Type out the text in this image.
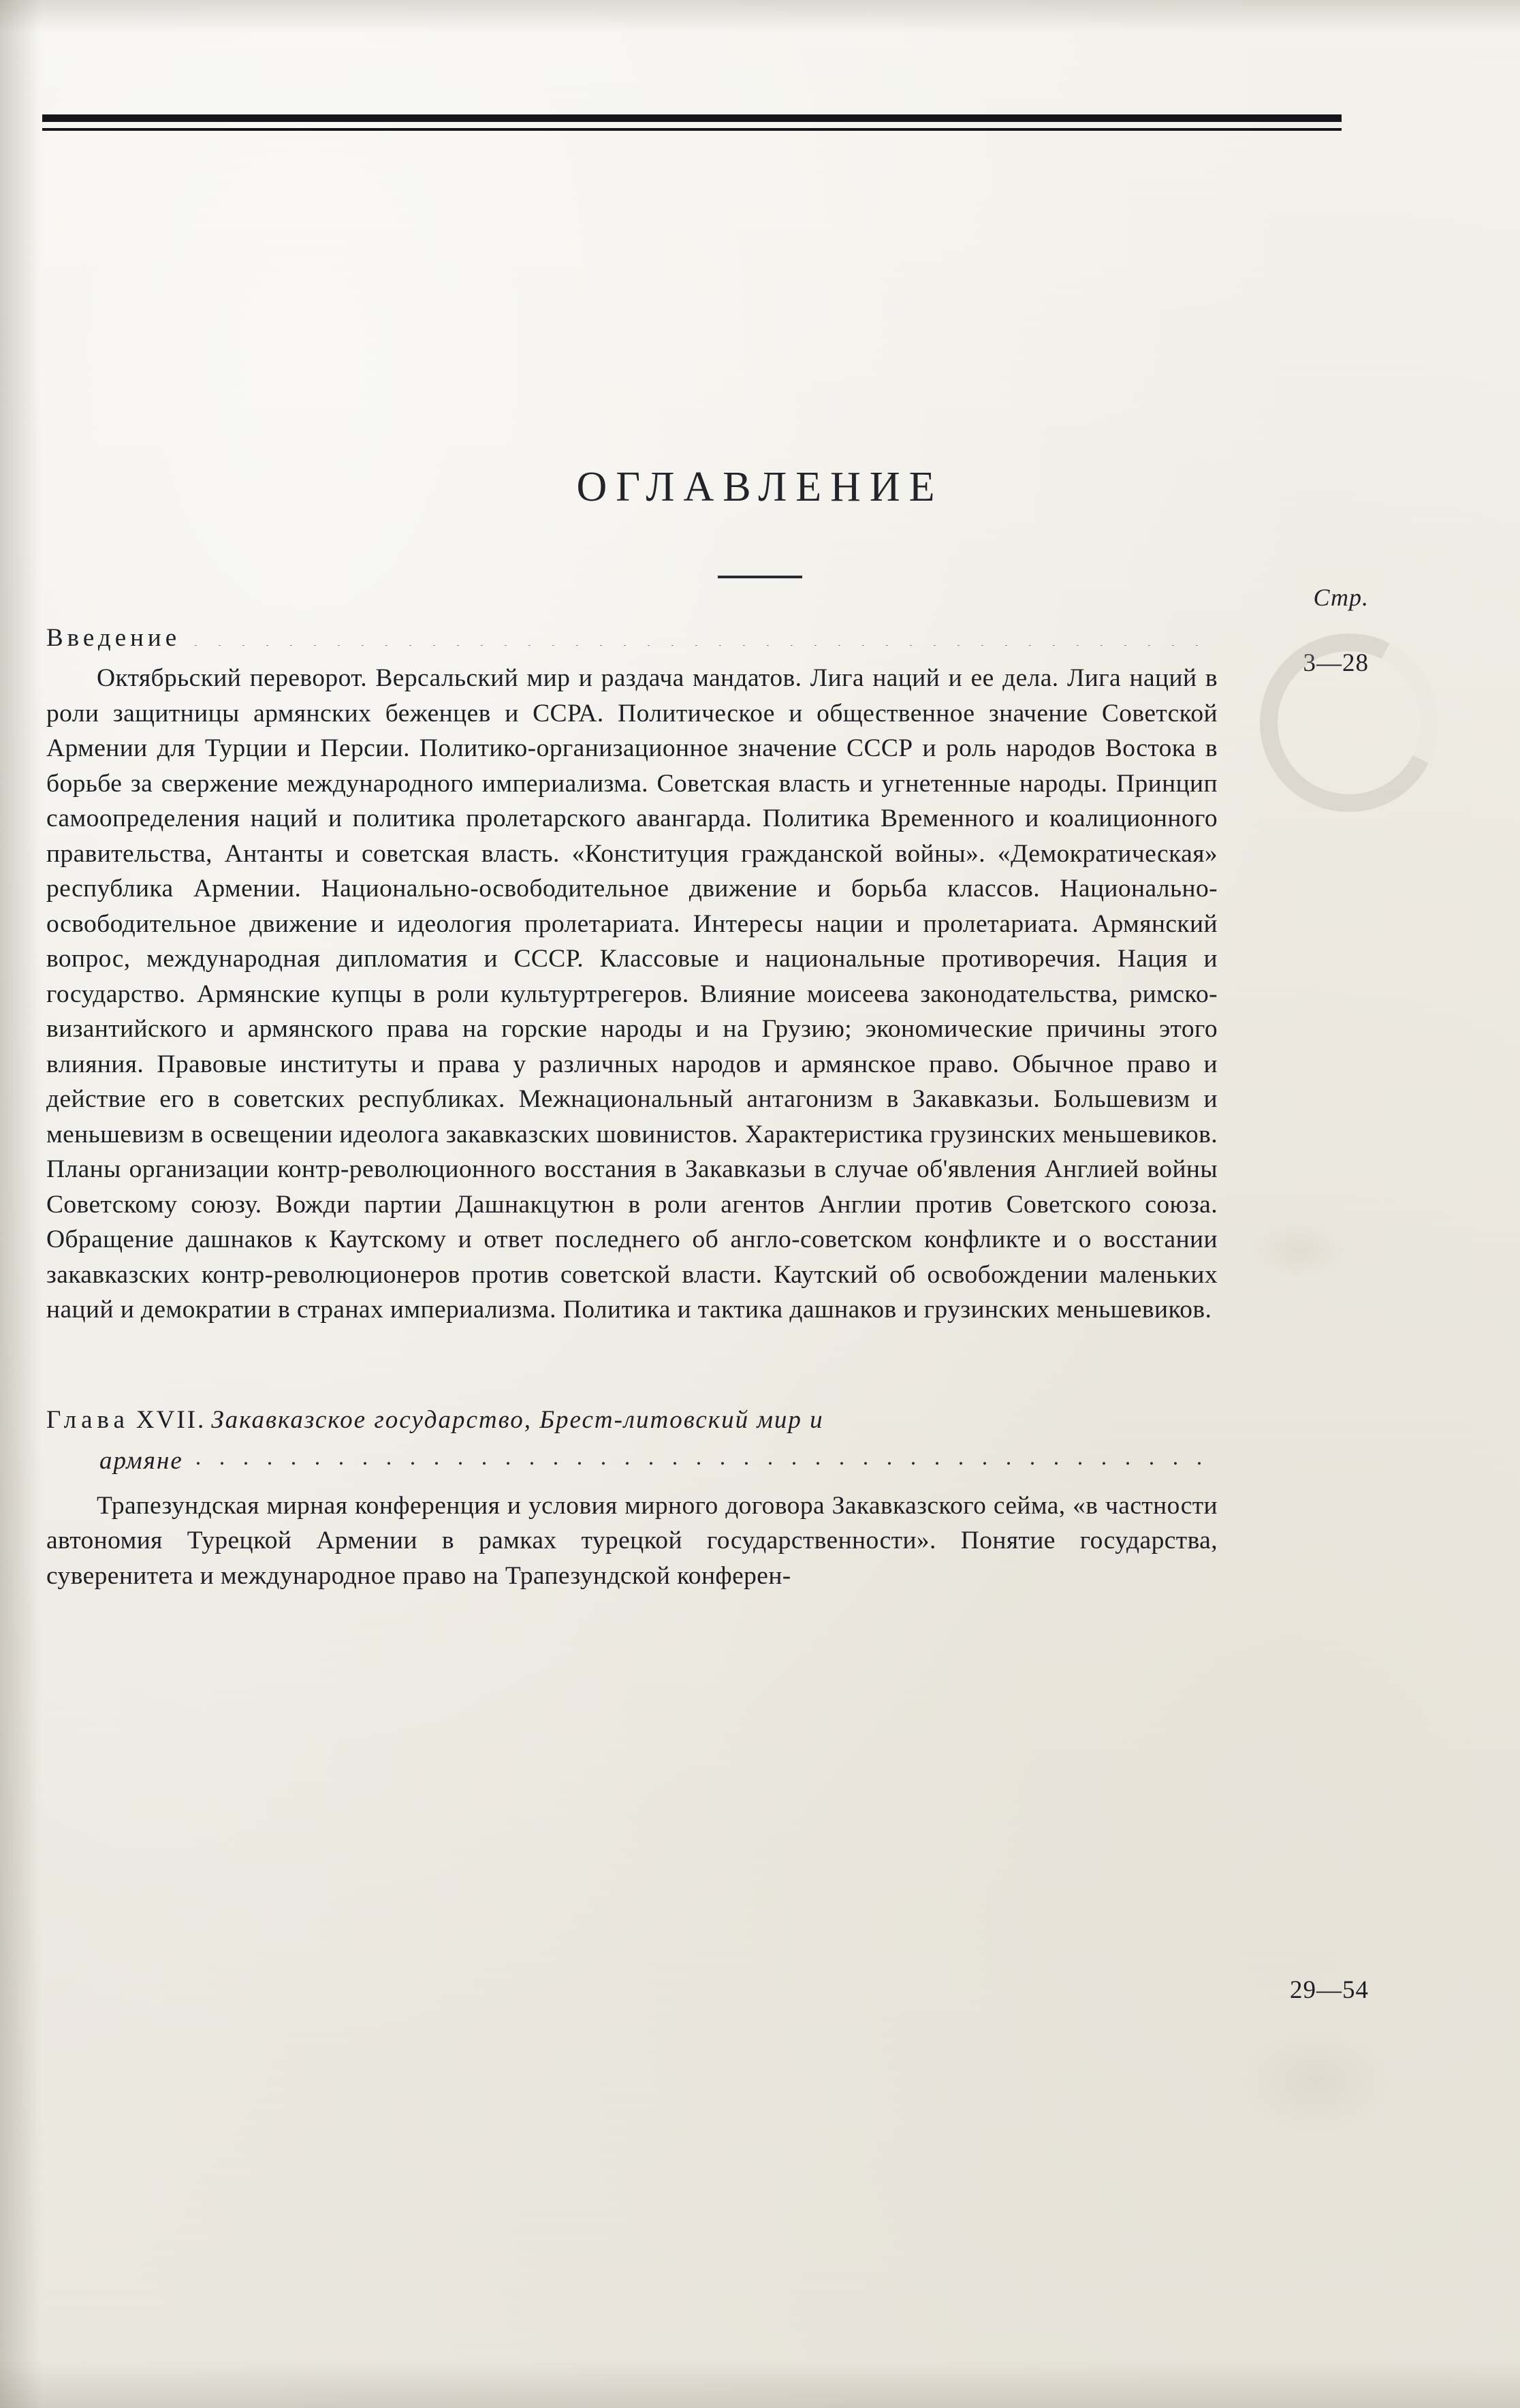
ОГЛАВЛЕНИЕ
Стр.
3—28
29—54
Введение
. . .

Октябрьский переворот. Версальский мир и раздача мандатов. Лига наций и ее дела. Лига наций в роли защитницы армянских беженцев и ССРА. Политическое и общественное значение Советской Армении для Турции и Персии. Политико-организационное значение СССР и роль народов Востока в борьбе за свержение международного империализма. Советская власть и угнетенные народы. Принцип самоопределения наций и политика пролетарского авангарда. Политика Временного и коалиционного правительства, Антанты и советская власть. «Конституция гражданской войны». «Демократическая» республика Армении. Национально-освободительное движение и борьба классов. Национально-освободительное движение и идеология пролетариата. Интересы нации и пролетариата. Армянский вопрос, международная дипломатия и СССР. Классовые и национальные противоречия. Нация и государство. Армянские купцы в роли культуртрегеров. Влияние моисеева законодательства, римско-византийского и армянского права на горские народы и на Грузию; экономические причины этого влияния. Правовые институты и права у различных народов и армянское право. Обычное право и действие его в советских республиках. Межнациональный антагонизм в Закавказьи. Большевизм и меньшевизм в освещении идеолога закавказских шовинистов. Характеристика грузинских меньшевиков. Планы организации контр-революционного восстания в Закавказьи в случае об'явления Англией войны Советскому союзу. Вожди партии Дашнакцутюн в роли агентов Англии против Советского союза. Обращение дашнаков к Каутскому и ответ последнего об англо-советском конфликте и о восстании закавказских контр-революционеров против советской власти. Каутский об освобождении маленьких наций и демократии в странах империализма. Политика и тактика дашнаков и грузинских меньшевиков.

Глава XVII. Закавказское государство, Брест-литовский мир и
армяне
. . .

Трапезундская мирная конференция и условия мирного договора Закавказского сейма, «в частности автономия Турецкой Армении в рамках турецкой государственности». Понятие государства, суверенитета и международное право на Трапезундской конферен-
